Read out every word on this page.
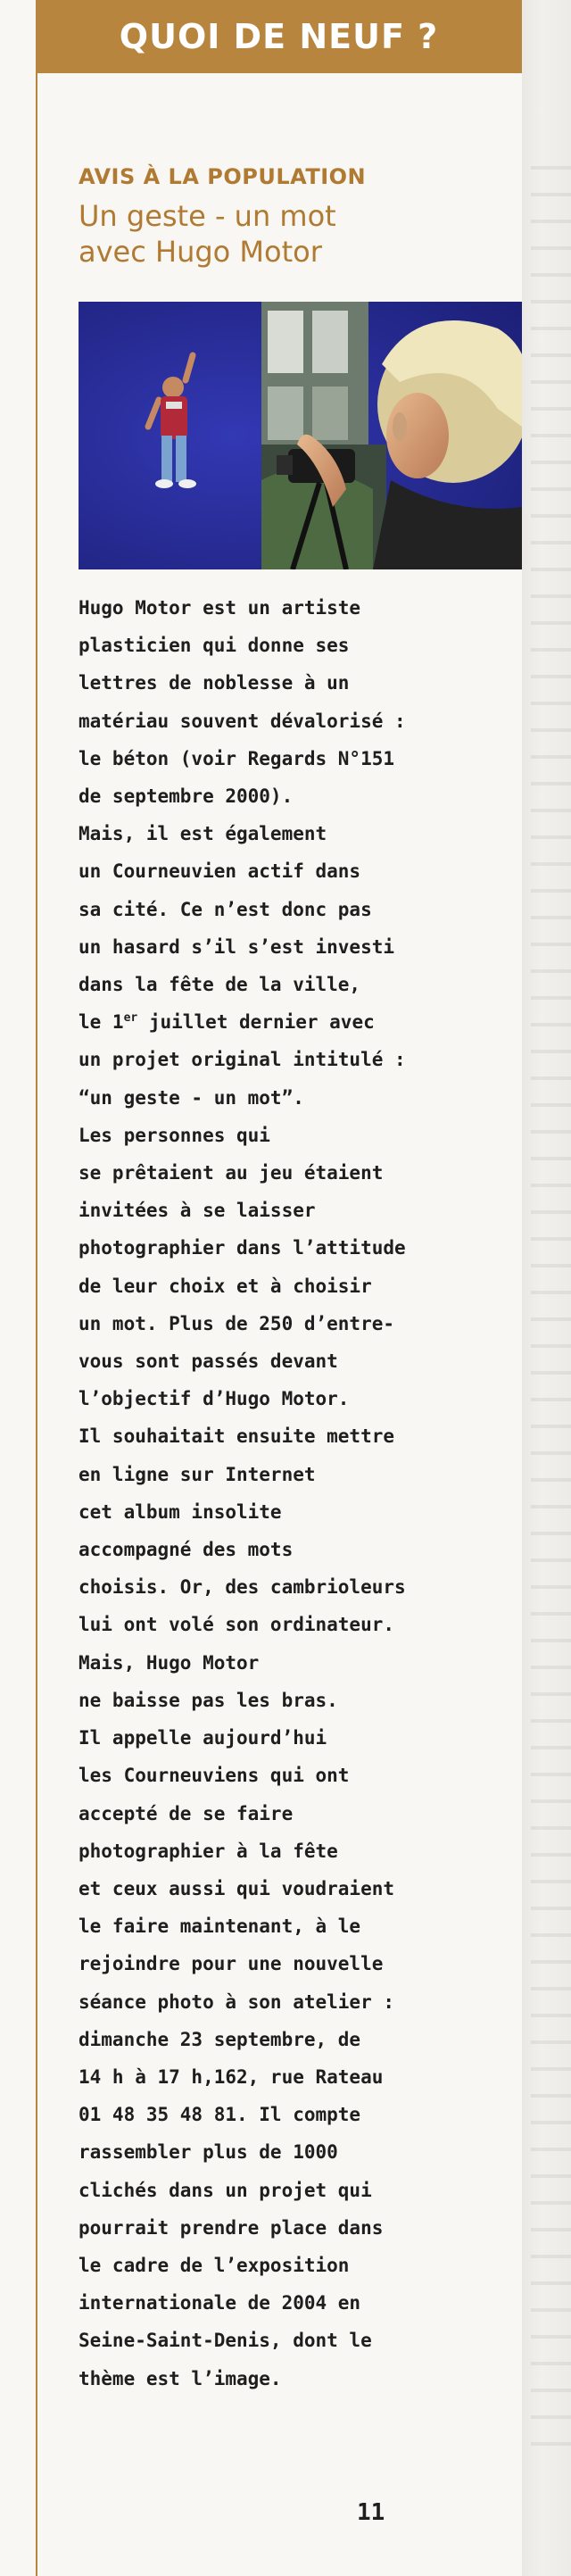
QUOI DE NEUF ?
AVIS À LA POPULATION
Un geste - un mot
avec Hugo Motor
Hugo Motor est un artiste
plasticien qui donne ses
lettres de noblesse à un
matériau souvent dévalorisé :
le béton (voir Regards N°151
de septembre 2000).
Mais, il est également
un Courneuvien actif dans
sa cité. Ce n’est donc pas
un hasard s’il s’est investi
dans la fête de la ville,
le 1er juillet dernier avec
un projet original intitulé :
“un geste - un mot”.
Les personnes qui
se prêtaient au jeu étaient
invitées à se laisser
photographier dans l’attitude
de leur choix et à choisir
un mot. Plus de 250 d’entre-
vous sont passés devant
l’objectif d’Hugo Motor.
Il souhaitait ensuite mettre
en ligne sur Internet
cet album insolite
accompagné des mots
choisis. Or, des cambrioleurs
lui ont volé son ordinateur.
Mais, Hugo Motor
ne baisse pas les bras.
Il appelle aujourd’hui
les Courneuviens qui ont
accepté de se faire
photographier à la fête
et ceux aussi qui voudraient
le faire maintenant, à le
rejoindre pour une nouvelle
séance photo à son atelier :
dimanche 23 septembre, de
14 h à 17 h,162, rue Rateau
01 48 35 48 81. Il compte
rassembler plus de 1000
clichés dans un projet qui
pourrait prendre place dans
le cadre de l’exposition
internationale de 2004 en
Seine-Saint-Denis, dont le
thème est l’image.
11
